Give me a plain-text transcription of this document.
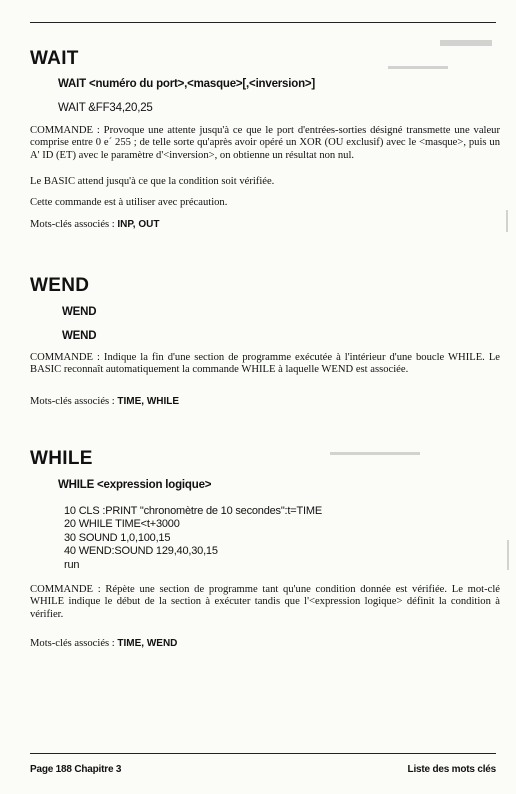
WAIT
WAIT <numéro du port>,<masque>[,<inversion>]
WAIT &FF34,20,25

COMMANDE : Provoque une attente jusqu'à ce que le port d'entrées-sorties désigné transmette une valeur comprise entre 0 e´ 255 ; de telle sorte qu'après avoir opéré un XOR (OU exclusif) avec le <masque>, puis un A' ID (ET) avec le paramètre d'<inversion>, on obtienne un résultat non nul.

Le BASIC attend jusqu'à ce que la condition soit vérifiée.

Cette commande est à utiliser avec précaution.

Mots-clés associés : INP, OUT
WEND
WEND
WEND

COMMANDE : Indique la fin d'une section de programme exécutée à l'intérieur d'une boucle WHILE. Le BASIC reconnaît automatiquement la commande WHILE à laquelle WEND est associée.

Mots-clés associés : TIME, WHILE
WHILE
WHILE <expression logique>
10 CLS :PRINT "chronomètre de 10 secondes":t=TIME
20 WHILE TIME<t+3000
30 SOUND 1,0,100,15
40 WEND:SOUND 129,40,30,15
run

COMMANDE : Répète une section de programme tant qu'une condition donnée est vérifiée. Le mot-clé WHILE indique le début de la section à exécuter tandis que l'<expression logique> définit la condition à vérifier.

Mots-clés associés : TIME, WEND
Page 188 Chapitre 3	Liste des mots clés
